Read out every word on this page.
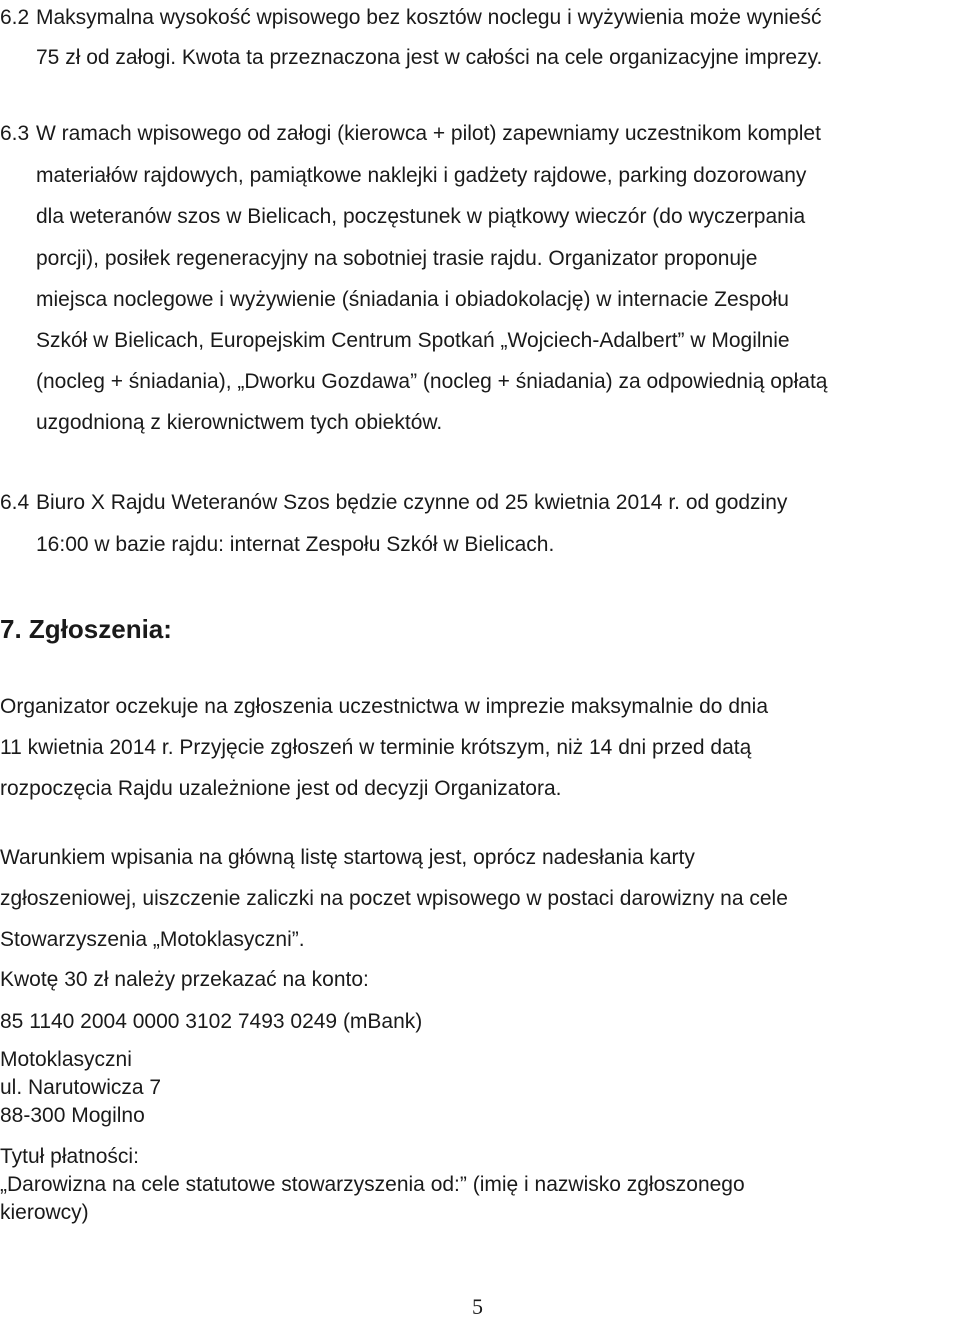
6.2 Maksymalna wysokość wpisowego bez kosztów noclegu i wyżywienia może wynieść
75 zł od załogi. Kwota ta przeznaczona jest w całości na cele organizacyjne imprezy.
6.3 W ramach wpisowego od załogi (kierowca + pilot) zapewniamy uczestnikom komplet
materiałów rajdowych, pamiątkowe naklejki i gadżety rajdowe, parking dozorowany
dla weteranów szos w Bielicach, poczęstunek w piątkowy wieczór (do wyczerpania
porcji), posiłek regeneracyjny na sobotniej trasie rajdu. Organizator proponuje
miejsca noclegowe i wyżywienie (śniadania i obiadokolację) w internacie Zespołu
Szkół w Bielicach, Europejskim Centrum Spotkań „Wojciech-Adalbert” w Mogilnie
(nocleg + śniadania), „Dworku Gozdawa” (nocleg + śniadania) za odpowiednią opłatą
uzgodnioną z kierownictwem tych obiektów.
6.4 Biuro X Rajdu Weteranów Szos będzie czynne od 25 kwietnia 2014 r. od godziny
16:00 w bazie rajdu: internat Zespołu Szkół w Bielicach.
7. Zgłoszenia:
Organizator oczekuje na zgłoszenia uczestnictwa w imprezie maksymalnie do dnia
11 kwietnia 2014 r. Przyjęcie zgłoszeń w terminie krótszym, niż 14 dni przed datą
rozpoczęcia Rajdu uzależnione jest od decyzji Organizatora.
Warunkiem wpisania na główną listę startową jest, oprócz nadesłania karty
zgłoszeniowej, uiszczenie zaliczki na poczet wpisowego w postaci darowizny na cele
Stowarzyszenia „Motoklasyczni”.
Kwotę 30 zł należy przekazać na konto:
85 1140 2004 0000 3102 7493 0249 (mBank)
Motoklasyczni
ul. Narutowicza 7
88-300 Mogilno
Tytuł płatności:
„Darowizna na cele statutowe stowarzyszenia od:” (imię i nazwisko zgłoszonego
kierowcy)
5
